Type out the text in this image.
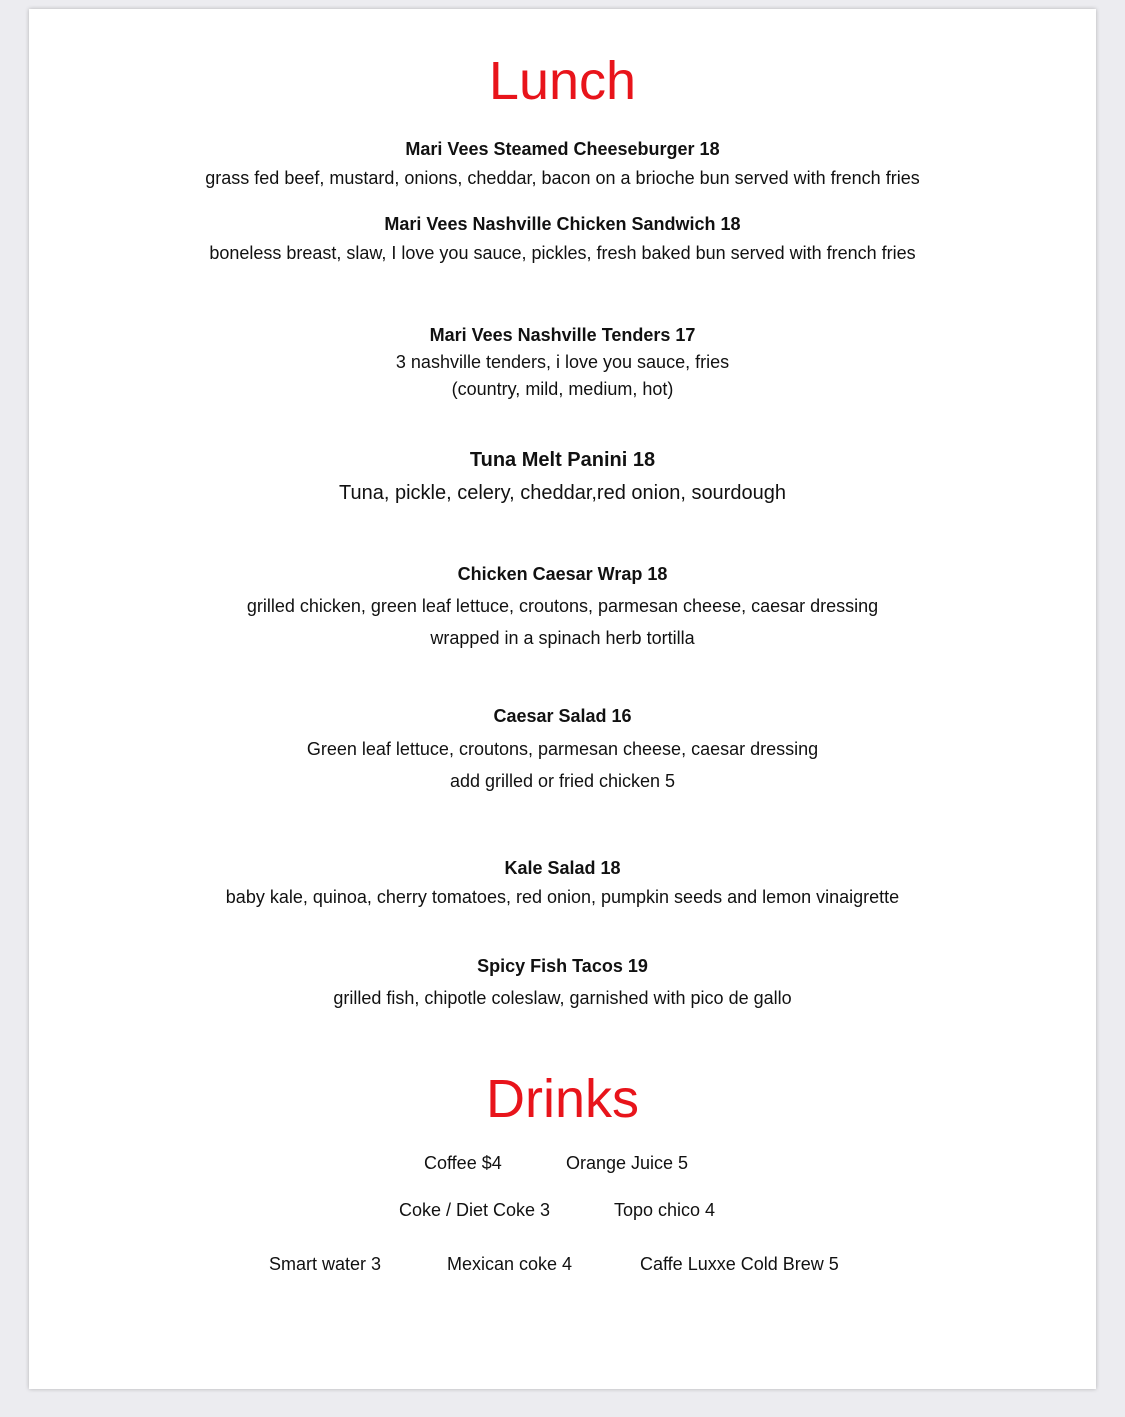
Lunch
Mari Vees Steamed Cheeseburger 18
grass fed beef, mustard, onions, cheddar, bacon on a brioche bun served with french fries
Mari Vees Nashville Chicken Sandwich 18
boneless breast, slaw, I love you sauce, pickles, fresh baked bun served with french fries
Mari Vees Nashville Tenders 17
3 nashville tenders, i love you sauce, fries
(country, mild, medium, hot)
Tuna Melt Panini 18
Tuna, pickle, celery, cheddar,red onion, sourdough
Chicken Caesar Wrap 18
grilled chicken, green leaf lettuce, croutons, parmesan cheese, caesar dressing
wrapped in a spinach herb tortilla
Caesar Salad 16
Green leaf lettuce, croutons, parmesan cheese, caesar dressing
add grilled or fried chicken 5
Kale Salad 18
baby kale, quinoa, cherry tomatoes, red onion, pumpkin seeds and lemon vinaigrette
Spicy Fish Tacos 19
grilled fish, chipotle coleslaw, garnished with pico de gallo
Drinks
Coffee $4	Orange Juice 5
Coke / Diet Coke 3	Topo chico 4
Smart water 3	Mexican coke 4	Caffe Luxxe Cold Brew 5
